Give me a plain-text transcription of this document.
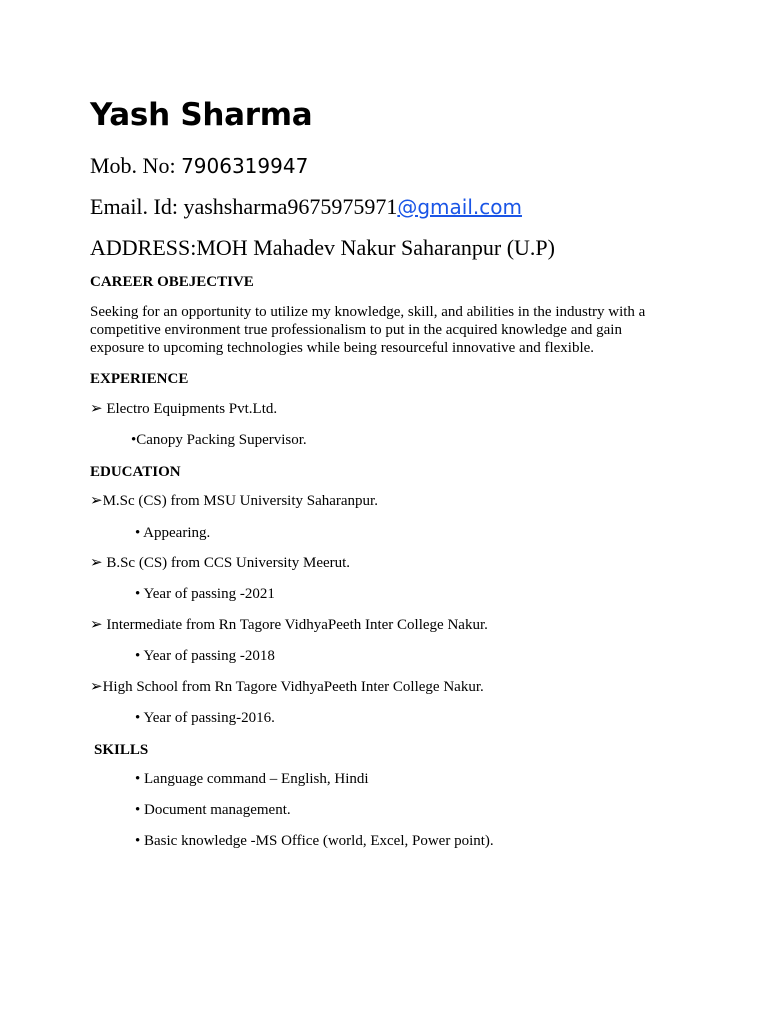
Yash Sharma

Mob. No: 7906319947

Email. Id: yashsharma9675975971@gmail.com

ADDRESS:MOH Mahadev Nakur Saharanpur (U.P)

CAREER OBEJECTIVE

Seeking for an opportunity to utilize my knowledge, skill, and abilities in the industry with a competitive environment true professionalism to put in the acquired knowledge and gain exposure to upcoming technologies while being resourceful innovative and flexible.

EXPERIENCE

➢ Electro Equipments Pvt.Ltd.

•Canopy Packing Supervisor.

EDUCATION

➢M.Sc (CS) from MSU University Saharanpur.

• Appearing.

➢ B.Sc (CS) from CCS University Meerut.

• Year of passing -2021

➢ Intermediate from Rn Tagore VidhyaPeeth Inter College Nakur.

• Year of passing -2018

➢High School from Rn Tagore VidhyaPeeth Inter College Nakur.

• Year of passing-2016.

SKILLS

• Language command – English, Hindi

• Document management.

• Basic knowledge -MS Office (world, Excel, Power point).
